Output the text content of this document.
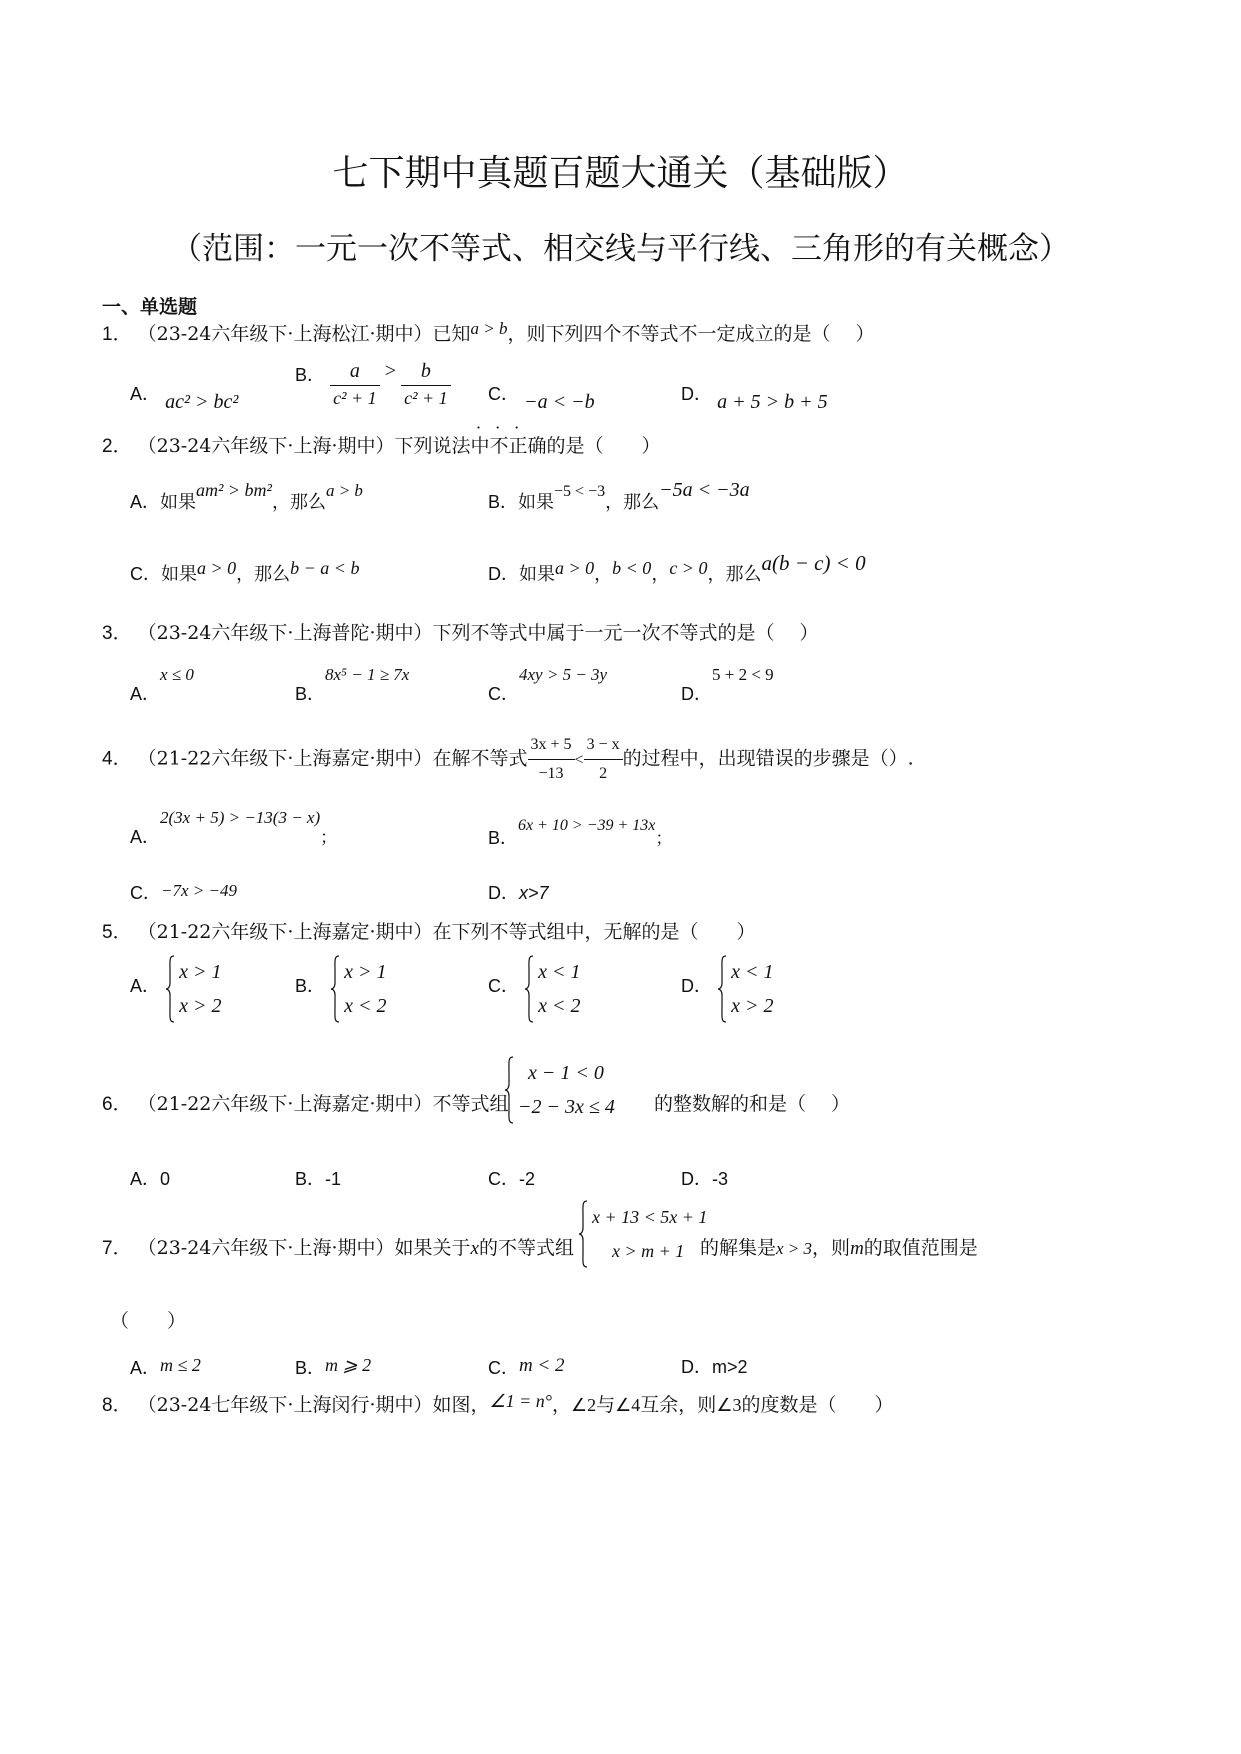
七下期中真题百题大通关（基础版）
（范围：一元一次不等式、相交线与平行线、三角形的有关概念）
一、单选题
1． （23-24六年级下·上海松江·期中）已知a > b，则下列四个不等式不一定成立的是（　 ）
A． ac² > bc²
B． $\frac{a}{\text{c² + 1}} > \frac{b}{\text{c² + 1}}$ C． −a < −b	D． a + 5 > b + 5
···
2． （23-24六年级下·上海·期中）下列说法中不正确的是（　　）
A．如果am² > bm²，那么a > b
B．如果−5 < −3，那么−5a < −3a
C．如果a > 0，那么b − a < b	D．如果a > 0，b < 0，c > 0，那么a(b − c) < 0
3． （23-24六年级下·上海普陀·期中）下列不等式中属于一元一次不等式的是（　 ）
A．x ≤ 0
B．8x⁵ − 1 ≥ 7x
C．4xy > 5 − 3y
D．5 + 2 < 9
4． （21-22六年级下·上海嘉定·期中）在解不等式 $\frac{3x + 5}{-13} < \frac{3 - x}{2}$ 的过程中，出现错误的步骤是（）.
A．2(3x + 5) > −13(3 − x)；	B．6x + 10 > −39 + 13x；
C．−7x > −49	D．x>7
5． （21-22六年级下·上海嘉定·期中）在下列不等式组中，无解的是（　　）
A．
x > 1
x > 2
B．
x > 1
x < 2
C．
x < 1
x < 2
D．
x < 1
x > 2
6． （21-22六年级下·上海嘉定·期中）不等式组
x − 1 < 0
−2 − 3x ≤ 4 的整数解的和是（　 ）
A．0	B．-1	C．-2	D．-3
7． （23-24六年级下·上海·期中）如果关于x的不等式组
x + 13 < 5x + 1
x > m + 1 的解集是x > 3，则m的取值范围是
（　　）
A．m ≤ 2	B．m ⩾ 2	C．m < 2	D．m>2
8． （23-24七年级下·上海闵行·期中）如图，∠1 = n°，∠2与∠4互余，则∠3的度数是（　　）
